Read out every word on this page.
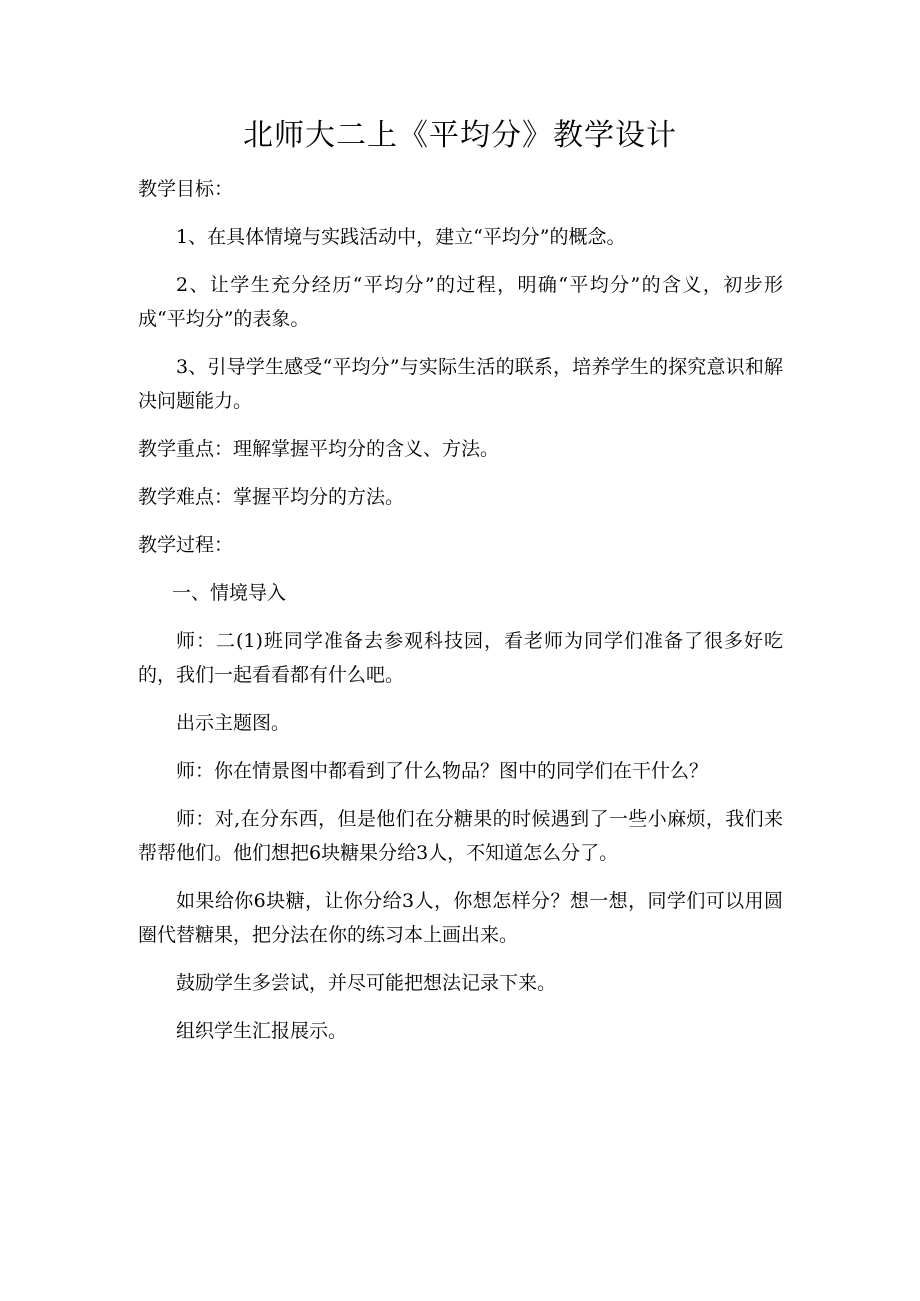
北师大二上《平均分》教学设计

教学目标：

1、在具体情境与实践活动中，建立“平均分”的概念。

2、让学生充分经历“平均分”的过程，明确“平均分”的含义，初步形成“平均分”的表象。

3、引导学生感受“平均分”与实际生活的联系，培养学生的探究意识和解决问题能力。

教学重点：理解掌握平均分的含义、方法。

教学难点：掌握平均分的方法。

教学过程：

一、情境导入

师：二(1)班同学准备去参观科技园，看老师为同学们准备了很多好吃的，我们一起看看都有什么吧。

出示主题图。

师：你在情景图中都看到了什么物品？图中的同学们在干什么？

师：对,在分东西，但是他们在分糖果的时候遇到了一些小麻烦，我们来帮帮他们。他们想把6块糖果分给3人，不知道怎么分了。

如果给你6块糖，让你分给3人，你想怎样分？想一想，同学们可以用圆圈代替糖果，把分法在你的练习本上画出来。

鼓励学生多尝试，并尽可能把想法记录下来。

组织学生汇报展示。
